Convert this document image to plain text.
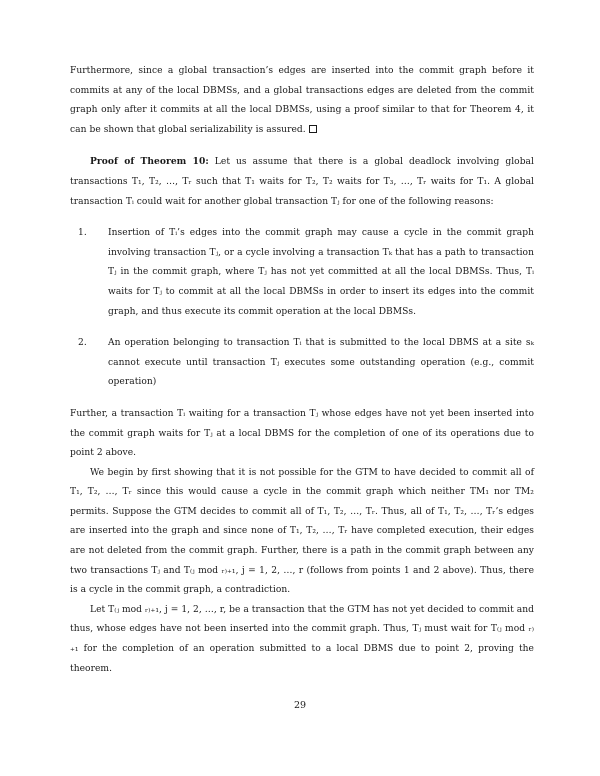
Furthermore, since a global transaction’s edges are inserted into the commit graph before it commits at any of the local DBMSs, and a global transactions edges are deleted from the commit graph only after it commits at all the local DBMSs, using a proof similar to that for Theorem 4, it can be shown that global serializability is assured.

Proof of Theorem 10: Let us assume that there is a global deadlock involving global transactions T₁, T₂, …, Tᵣ such that T₁ waits for T₂, T₂ waits for T₃, …, Tᵣ waits for T₁. A global transaction Tᵢ could wait for another global transaction Tⱼ for one of the following reasons:

1. Insertion of Tᵢ’s edges into the commit graph may cause a cycle in the commit graph involving transaction Tⱼ, or a cycle involving a transaction Tₖ that has a path to transaction Tⱼ in the commit graph, where Tⱼ has not yet committed at all the local DBMSs. Thus, Tᵢ waits for Tⱼ to commit at all the local DBMSs in order to insert its edges into the commit graph, and thus execute its commit operation at the local DBMSs.

2. An operation belonging to transaction Tᵢ that is submitted to the local DBMS at a site sₖ cannot execute until transaction Tⱼ executes some outstanding operation (e.g., commit operation)

Further, a transaction Tᵢ waiting for a transaction Tⱼ whose edges have not yet been inserted into the commit graph waits for Tⱼ at a local DBMS for the completion of one of its operations due to point 2 above.

We begin by first showing that it is not possible for the GTM to have decided to commit all of T₁, T₂, …, Tᵣ since this would cause a cycle in the commit graph which neither TM₁ nor TM₂ permits. Suppose the GTM decides to commit all of T₁, T₂, …, Tᵣ. Thus, all of T₁, T₂, …, Tᵣ’s edges are inserted into the graph and since none of T₁, T₂, …, Tᵣ have completed execution, their edges are not deleted from the commit graph. Further, there is a path in the commit graph between any two transactions Tⱼ and T₍ⱼ mod ᵣ₎₊₁, j = 1, 2, …, r (follows from points 1 and 2 above). Thus, there is a cycle in the commit graph, a contradiction.

Let T₍ⱼ mod ᵣ₎₊₁, j = 1, 2, …, r, be a transaction that the GTM has not yet decided to commit and thus, whose edges have not been inserted into the commit graph. Thus, Tⱼ must wait for T₍ⱼ mod ᵣ₎₊₁ for the completion of an operation submitted to a local DBMS due to point 2, proving the theorem.

29
